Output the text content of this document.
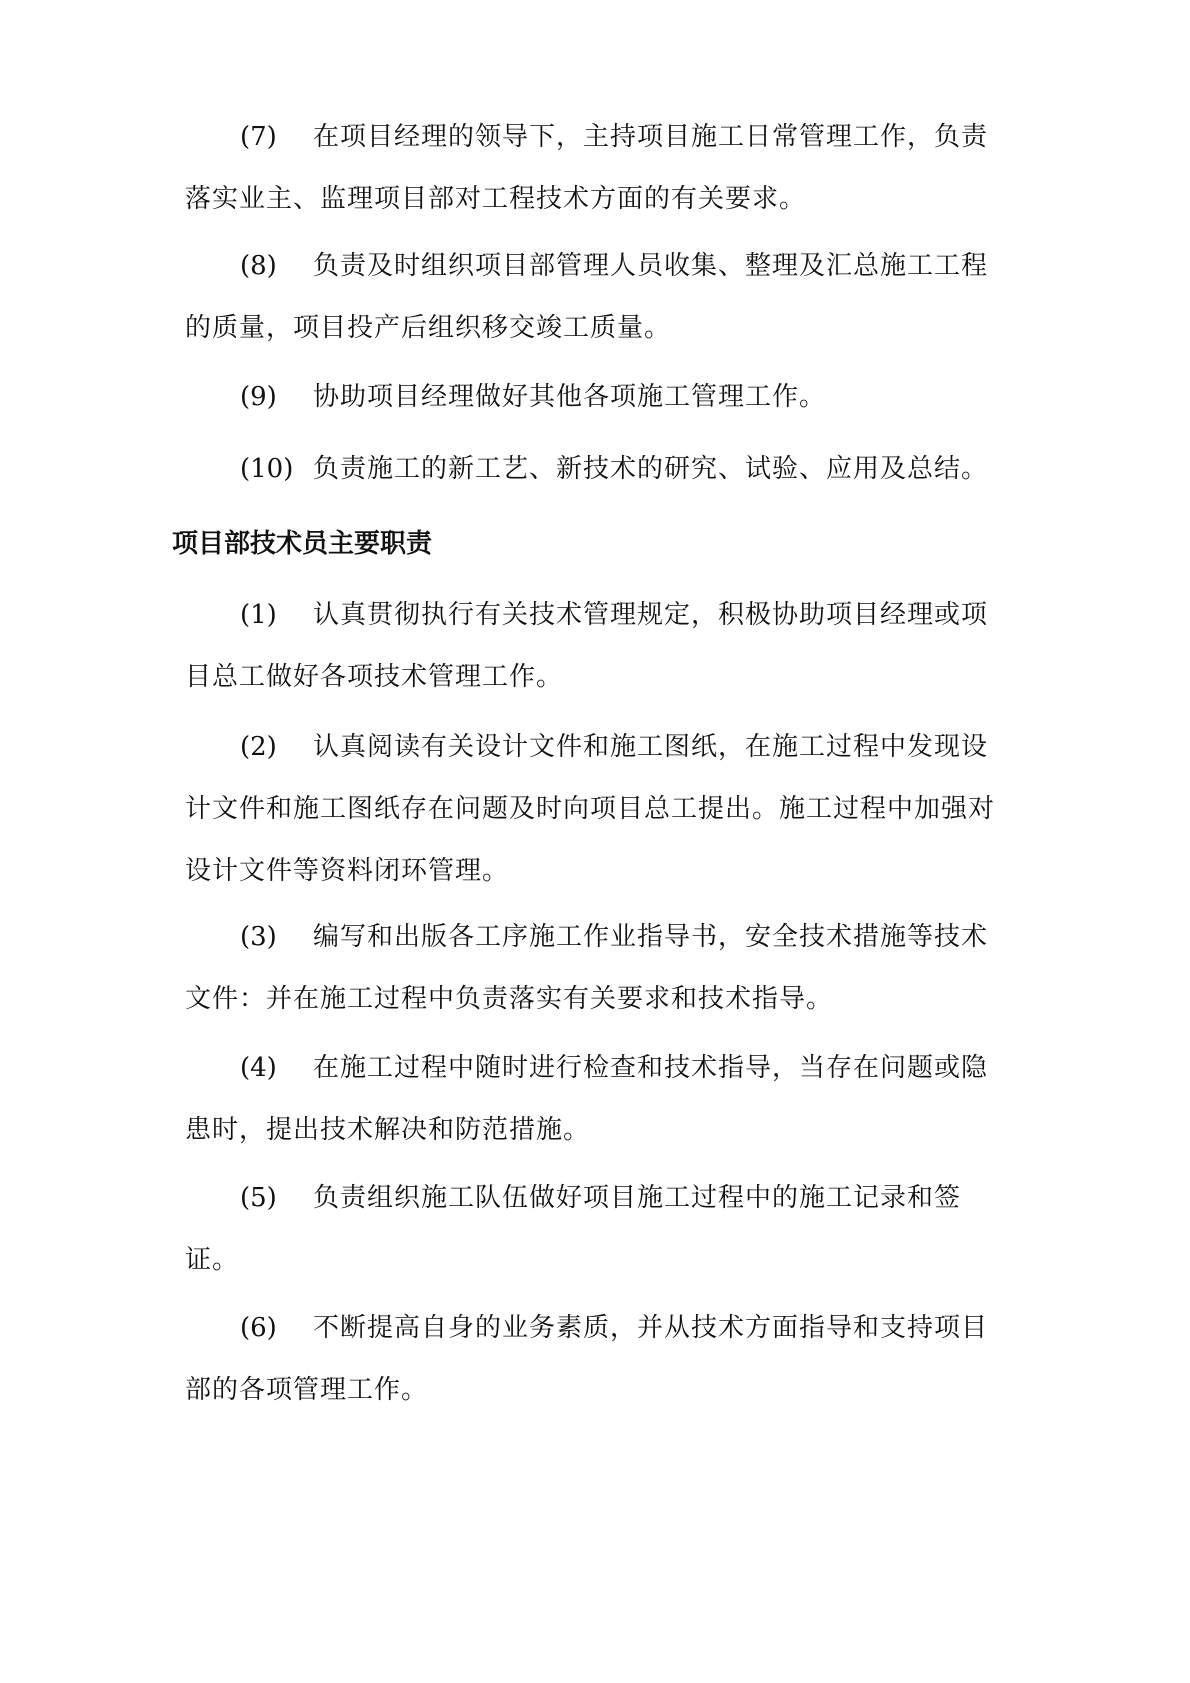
(7)	在项目经理的领导下，主持项目施工日常管理工作，负责
落实业主、监理项目部对工程技术方面的有关要求。
(8)	负责及时组织项目部管理人员收集、整理及汇总施工工程
的质量，项目投产后组织移交竣工质量。
(9)	协助项目经理做好其他各项施工管理工作。
(10) 负责施工的新工艺、新技术的研究、试验、应用及总结。
项目部技术员主要职责
(1)	认真贯彻执行有关技术管理规定，积极协助项目经理或项
目总工做好各项技术管理工作。
(2)	认真阅读有关设计文件和施工图纸，在施工过程中发现设
计文件和施工图纸存在问题及时向项目总工提出。施工过程中加强对
设计文件等资料闭环管理。
(3)	编写和出版各工序施工作业指导书，安全技术措施等技术
文件：并在施工过程中负责落实有关要求和技术指导。
(4)	在施工过程中随时进行检查和技术指导，当存在问题或隐
患时，提出技术解决和防范措施。
(5)	负责组织施工队伍做好项目施工过程中的施工记录和签
证。
(6)	不断提高自身的业务素质，并从技术方面指导和支持项目
部的各项管理工作。
